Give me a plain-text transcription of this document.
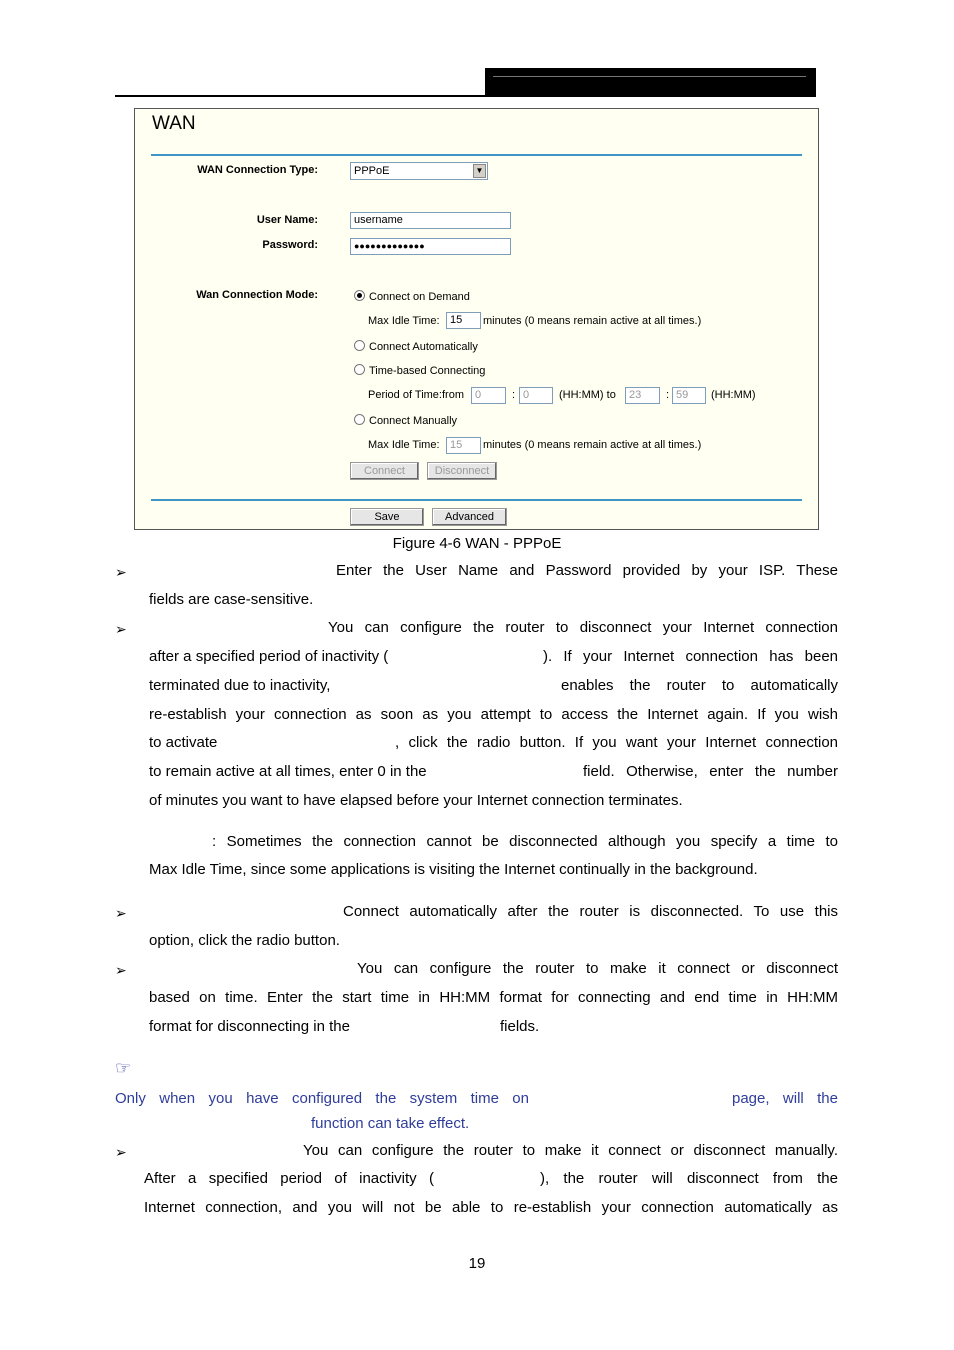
WAN
WAN Connection Type:	PPPoE	▼
User Name:	username
Password:	●●●●●●●●●●●●●
Wan Connection Mode:	Connect on Demand
Max Idle Time: 15	minutes (0 means remain active at all times.)
Connect Automatically
Time-based Connecting
Period of Time:from	0	: 0	(HH:MM) to	23	: 59	(HH:MM)
Connect Manually
Max Idle Time: 15	minutes (0 means remain active at all times.)
Connect	Disconnect
Save	Advanced
Figure 4-6 WAN - PPPoE
➢	Enter the User Name and Password provided by your ISP. These
fields are case-sensitive.
➢	You can configure the router to disconnect your Internet connection
after a specified period of inactivity (	). If your Internet connection has been
terminated due to inactivity,	enables the router to automatically
re-establish your connection as soon as you attempt to access the Internet again. If you wish
to activate	, click the radio button. If you want your Internet connection
to remain active at all times, enter 0 in the	field. Otherwise, enter the number
of minutes you want to have elapsed before your Internet connection terminates.
: Sometimes the connection cannot be disconnected although you specify a time to
Max Idle Time, since some applications is visiting the Internet continually in the background.
➢	Connect automatically after the router is disconnected. To use this
option, click the radio button.
➢	You can configure the router to make it connect or disconnect
based on time. Enter the start time in HH:MM format for connecting and end time in HH:MM
format for disconnecting in the	fields.
☞
Only when you have configured the system time on	page, will the
function can take effect.
➢	You can configure the router to make it connect or disconnect manually.
After a specified period of inactivity (	), the router will disconnect from the
Internet connection, and you will not be able to re-establish your connection automatically as
19
